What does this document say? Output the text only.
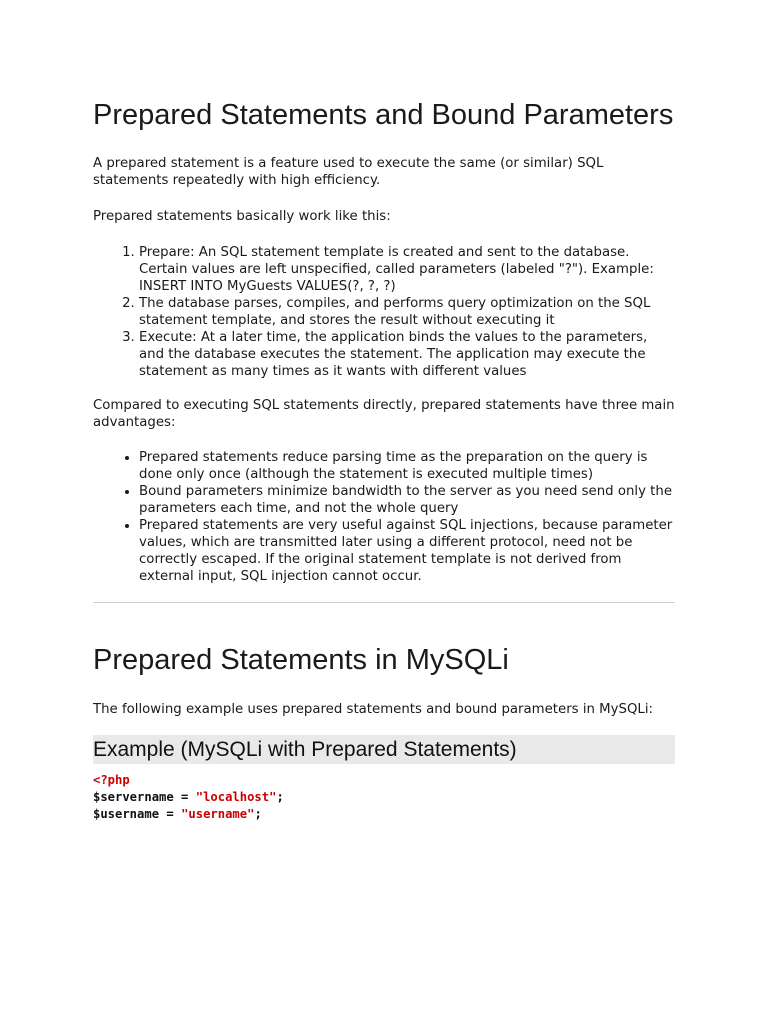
Prepared Statements and Bound Parameters

A prepared statement is a feature used to execute the same (or similar) SQL statements repeatedly with high efficiency.

Prepared statements basically work like this:

1. Prepare: An SQL statement template is created and sent to the database. Certain values are left unspecified, called parameters (labeled "?"). Example: INSERT INTO MyGuests VALUES(?, ?, ?)
2. The database parses, compiles, and performs query optimization on the SQL statement template, and stores the result without executing it
3. Execute: At a later time, the application binds the values to the parameters, and the database executes the statement. The application may execute the statement as many times as it wants with different values

Compared to executing SQL statements directly, prepared statements have three main advantages:

• Prepared statements reduce parsing time as the preparation on the query is done only once (although the statement is executed multiple times)
• Bound parameters minimize bandwidth to the server as you need send only the parameters each time, and not the whole query
• Prepared statements are very useful against SQL injections, because parameter values, which are transmitted later using a different protocol, need not be correctly escaped. If the original statement template is not derived from external input, SQL injection cannot occur.
Prepared Statements in MySQLi

The following example uses prepared statements and bound parameters in MySQLi:

Example (MySQLi with Prepared Statements)
<?php
$servername = "localhost";
$username = "username";
